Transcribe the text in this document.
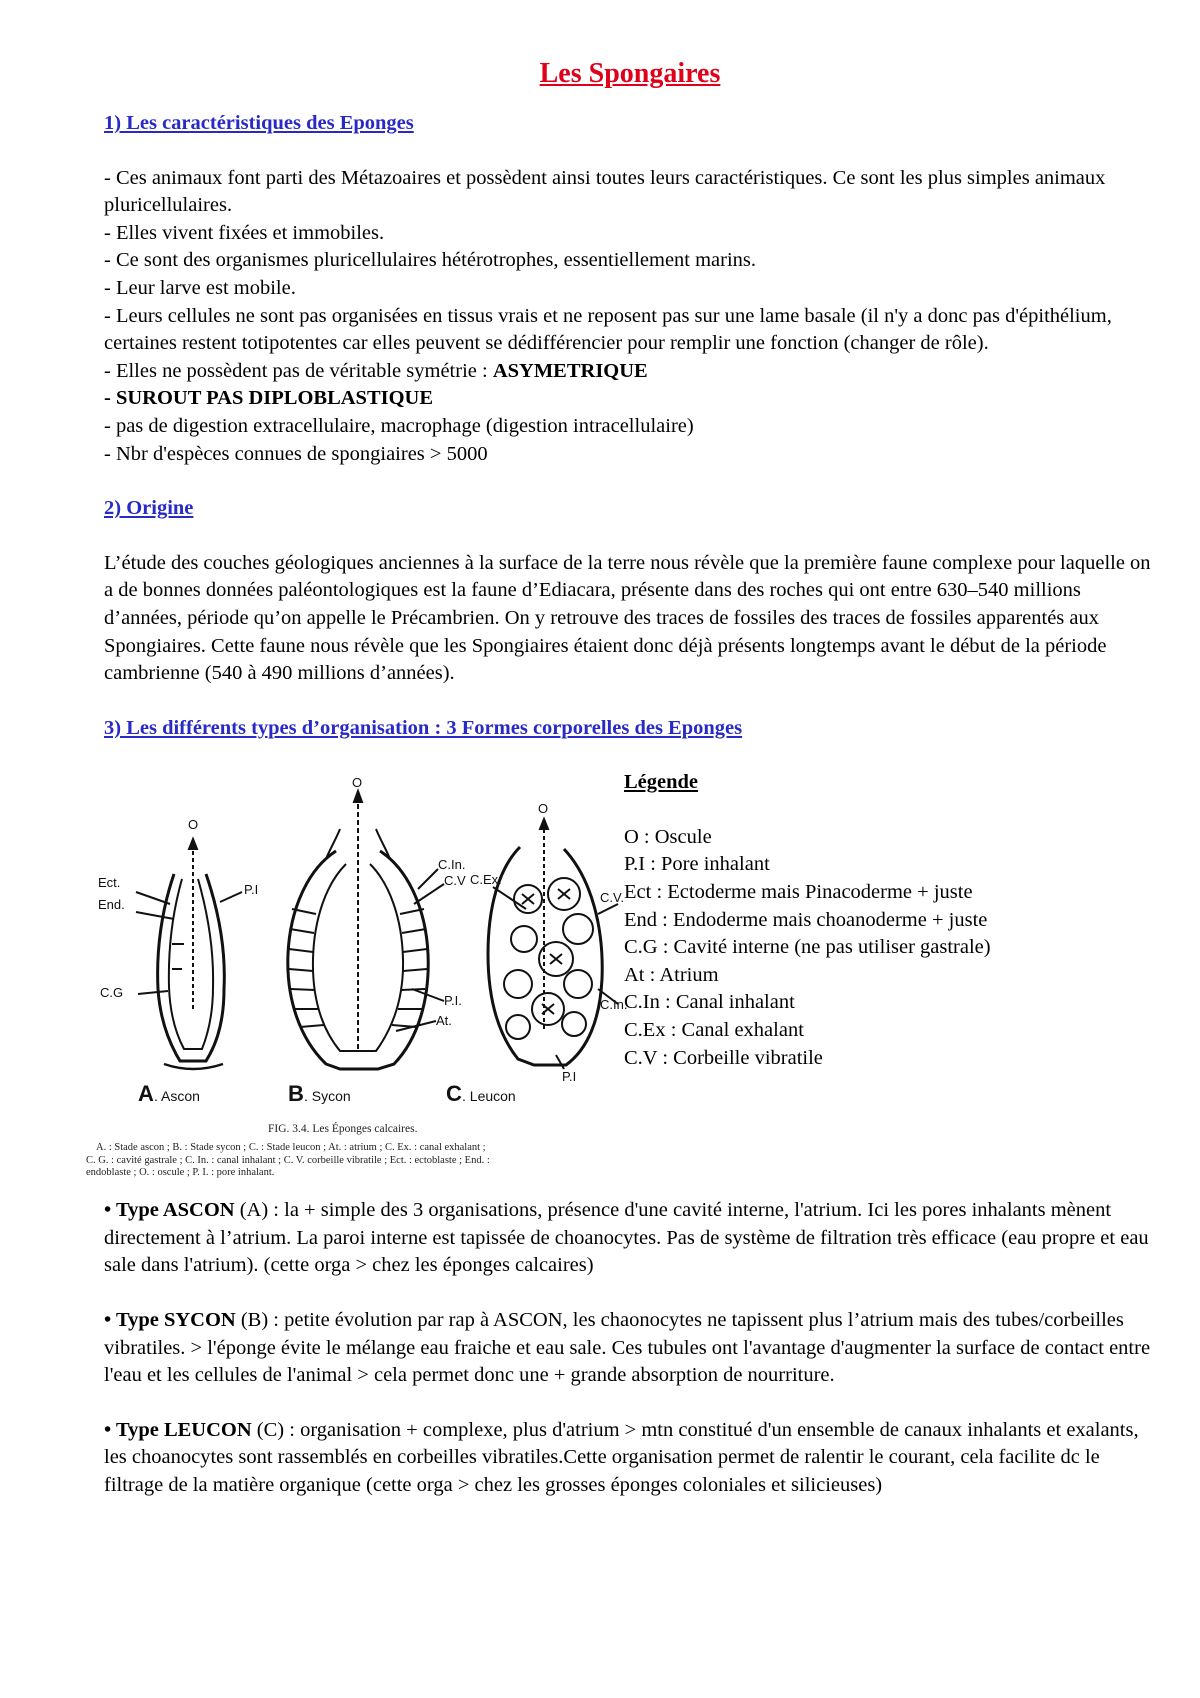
Les Spongaires
1) Les caractéristiques des Eponges
- Ces animaux font parti des Métazoaires et possèdent ainsi toutes leurs caractéristiques. Ce sont les plus simples animaux pluricellulaires.
- Elles vivent fixées et immobiles.
- Ce sont des organismes pluricellulaires hétérotrophes, essentiellement marins.
- Leur larve est mobile.
- Leurs cellules ne sont pas organisées en tissus vrais et ne reposent pas sur une lame basale (il n'y a donc pas d'épithélium, certaines restent totipotentes car elles peuvent se dédifférencier pour remplir une fonction (changer de rôle).
- Elles ne possèdent pas de véritable symétrie : ASYMETRIQUE
- SUROUT PAS DIPLOBLASTIQUE
- pas de digestion extracellulaire, macrophage (digestion intracellulaire)
- Nbr d'espèces connues de spongiaires > 5000
2) Origine

L’étude des couches géologiques anciennes à la surface de la terre nous révèle que la première faune complexe pour laquelle on a de bonnes données paléontologiques est la faune d’Ediacara, présente dans des roches qui ont entre 630–540 millions d’années, période qu’on appelle le Précambrien. On y retrouve des traces de fossiles des traces de fossiles apparentés aux Spongiaires. Cette faune nous révèle que les Spongiaires étaient donc déjà présents longtemps avant le début de la période cambrienne (540 à 490 millions d’années).

3) Les différents types d’organisation : 3 Formes corporelles des Eponges
O
Ect.
End.
P.I
C.G
O
C.In.
C.V
P.I.
At.
O
C.Ex.
C.V.
C.In.
P.I
A . Ascon	B . Sycon	C . Leucon
FIG. 3.4. Les Éponges calcaires.
A. : Stade ascon ; B. : Stade sycon ; C. : Stade leucon ; At. : atrium ; C. Ex. : canal exhalant ;
C. G. : cavité gastrale ; C. In. : canal inhalant ; C. V. corbeille vibratile ; Ect. : ectoblaste ; End. :
endoblaste ; O. : oscule ; P. I. : pore inhalant.
Légende
O : Oscule
P.I : Pore inhalant
Ect : Ectoderme mais Pinacoderme + juste
End : Endoderme mais choanoderme + juste
C.G : Cavité interne (ne pas utiliser gastrale)
At : Atrium
C.In : Canal inhalant
C.Ex : Canal exhalant
C.V : Corbeille vibratile

• Type ASCON (A) : la + simple des 3 organisations, présence d'une cavité interne, l'atrium. Ici les pores inhalants mènent directement à l’atrium. La paroi interne est tapissée de choanocytes. Pas de système de filtration très efficace (eau propre et eau sale dans l'atrium). (cette orga > chez les éponges calcaires)

• Type SYCON (B) : petite évolution par rap à ASCON, les chaonocytes ne tapissent plus l’atrium mais des tubes/corbeilles vibratiles. > l'éponge évite le mélange eau fraiche et eau sale. Ces tubules ont l'avantage d'augmenter la surface de contact entre l'eau et les cellules de l'animal > cela permet donc une + grande absorption de nourriture.

• Type LEUCON (C) : organisation + complexe, plus d'atrium > mtn constitué d'un ensemble de canaux inhalants et exalants, les choanocytes sont rassemblés en corbeilles vibratiles.Cette organisation permet de ralentir le courant, cela facilite dc le filtrage de la matière organique (cette orga > chez les grosses éponges coloniales et silicieuses)
